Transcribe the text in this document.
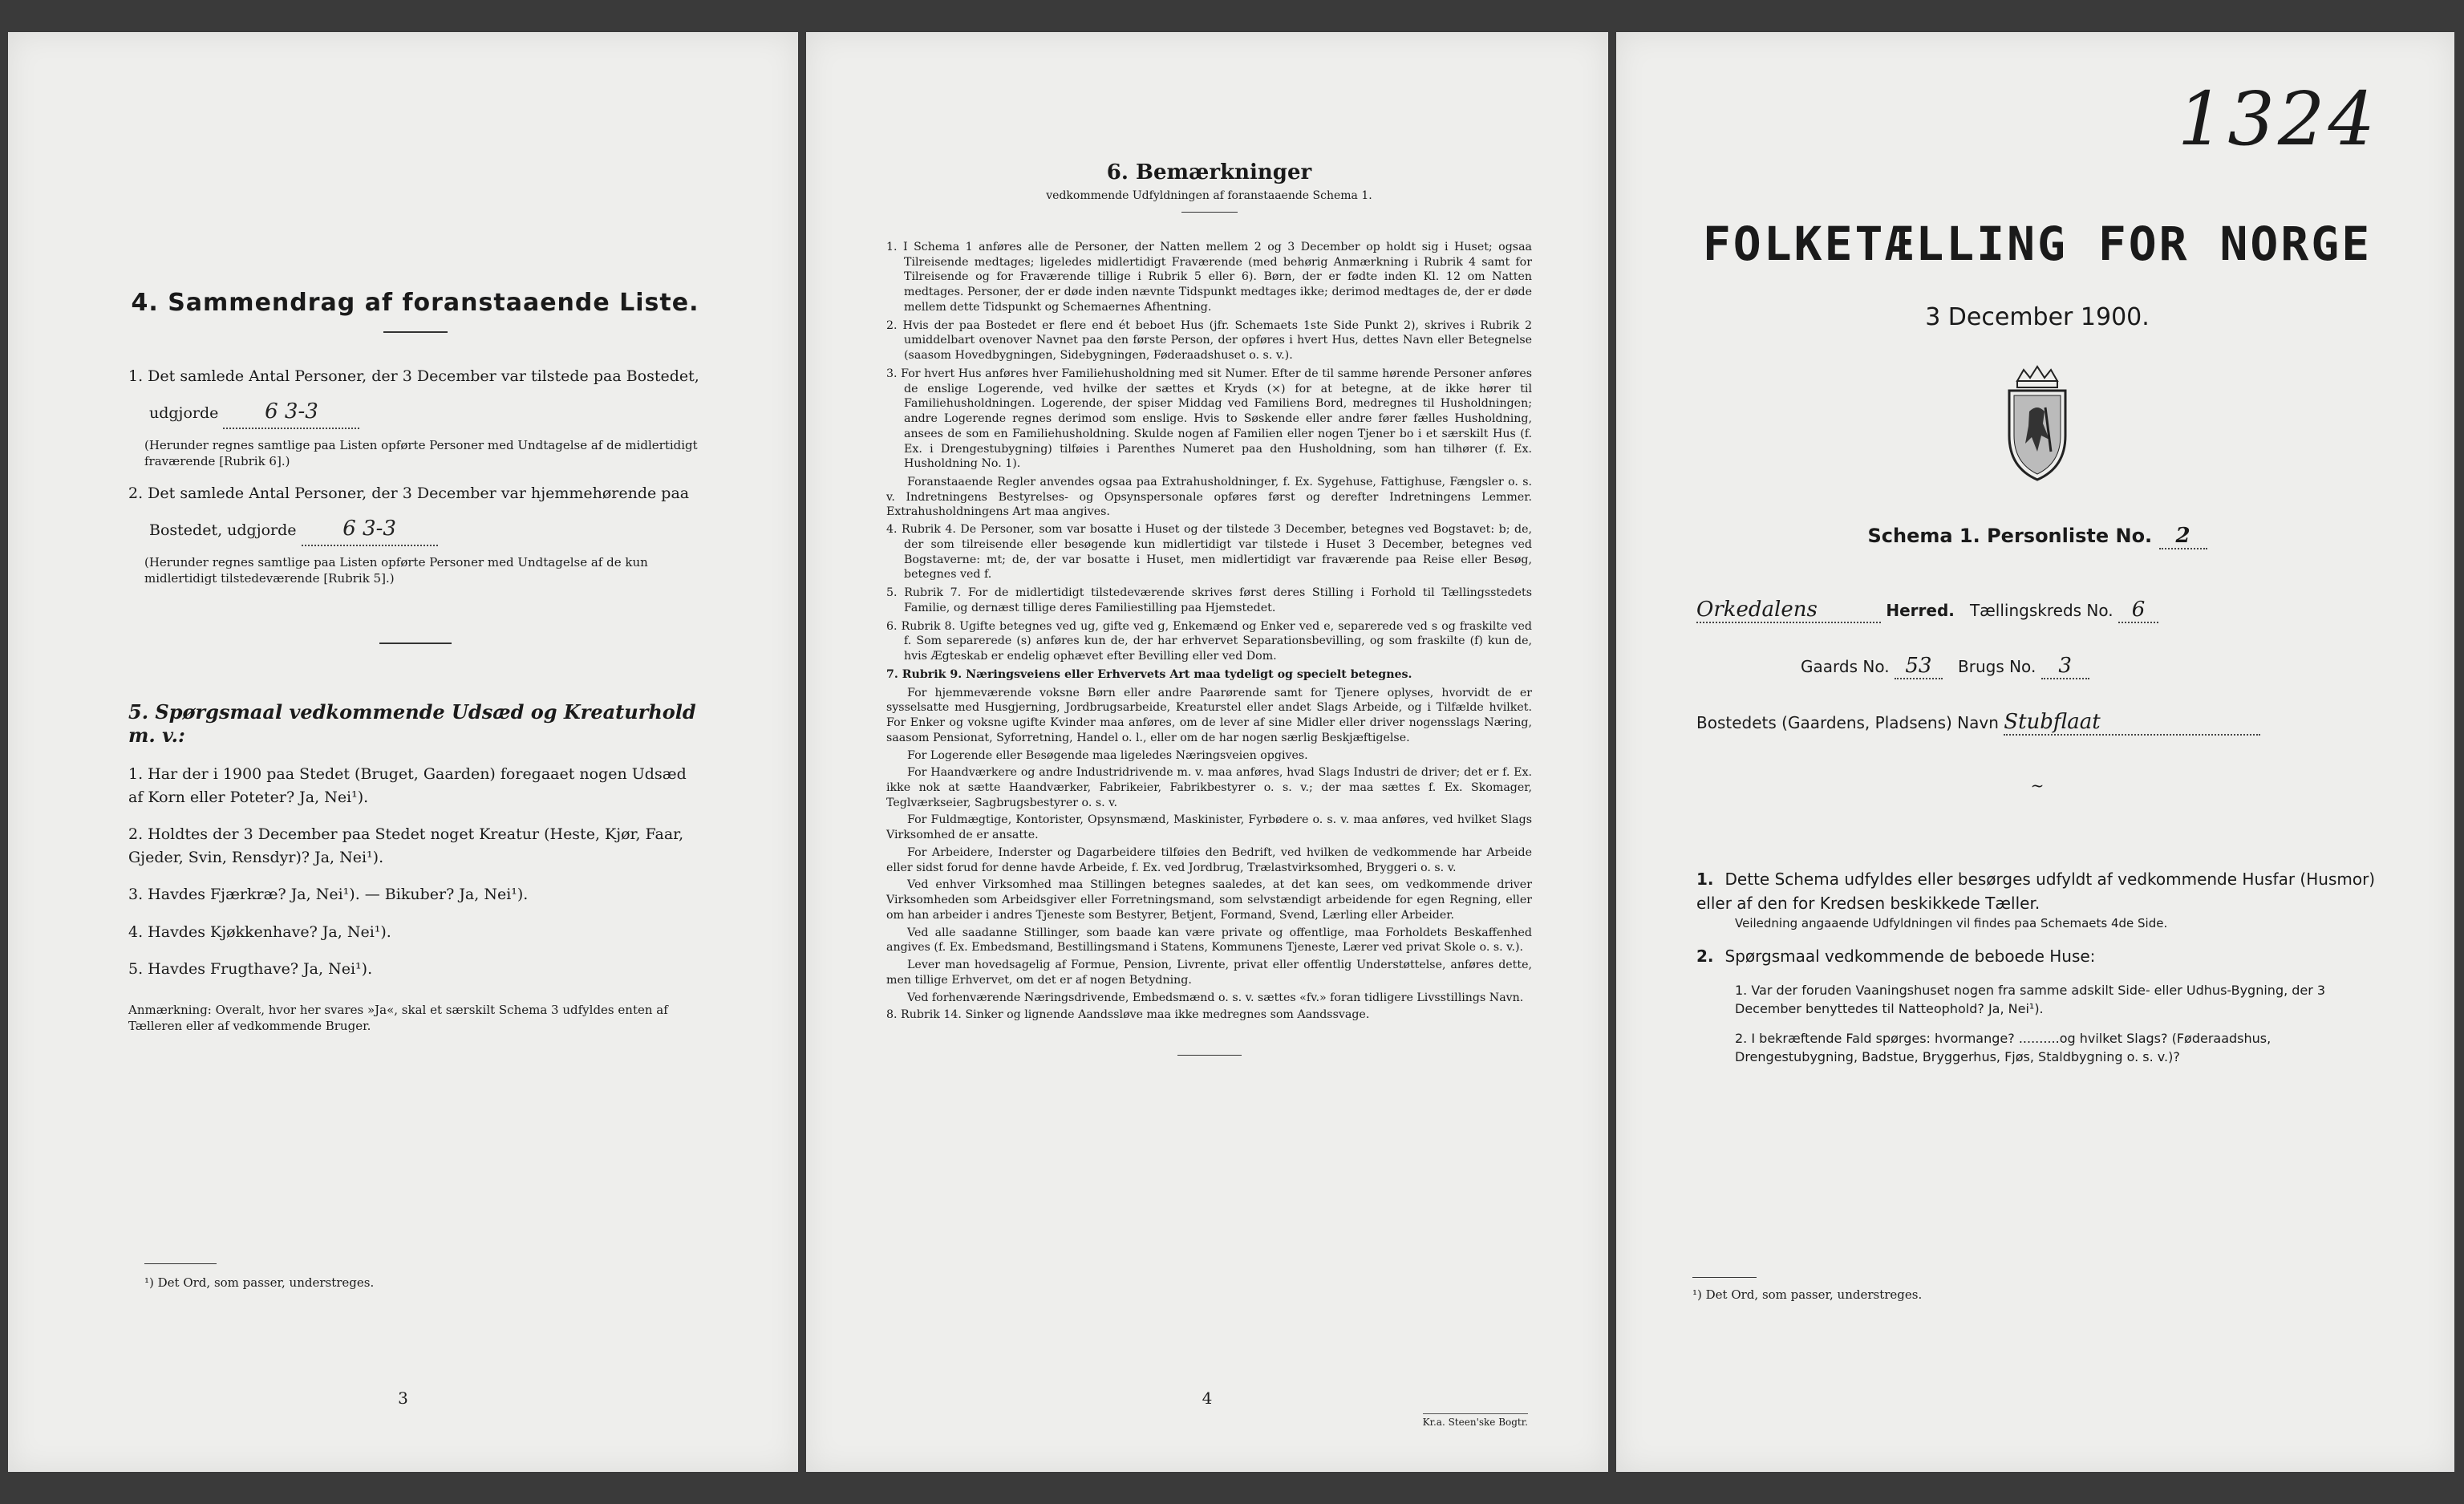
4. Sammendrag af foranstaaende Liste.
1. Det samlede Antal Personer, der 3 December var tilstede paa Bostedet,
udgjorde 6 3-3
(Herunder regnes samtlige paa Listen opførte Personer med Undtagelse af de midlertidigt fraværende [Rubrik 6].)
2. Det samlede Antal Personer, der 3 December var hjemmehørende paa
Bostedet, udgjorde 6 3-3
(Herunder regnes samtlige paa Listen opførte Personer med Undtagelse af de kun midlertidigt tilstedeværende [Rubrik 5].)
5. Spørgsmaal vedkommende Udsæd og Kreaturhold m. v.:
1. Har der i 1900 paa Stedet (Bruget, Gaarden) foregaaet nogen Udsæd af Korn eller Poteter? Ja, Nei¹).
2. Holdtes der 3 December paa Stedet noget Kreatur (Heste, Kjør, Faar, Gjeder, Svin, Rensdyr)? Ja, Nei¹).
3. Havdes Fjærkræ? Ja, Nei¹). — Bikuber? Ja, Nei¹).
4. Havdes Kjøkkenhave? Ja, Nei¹).
5. Havdes Frugthave? Ja, Nei¹).
Anmærkning: Overalt, hvor her svares »Ja«, skal et særskilt Schema 3 udfyldes enten af Tælleren eller af vedkommende Bruger.
¹) Det Ord, som passer, understreges.
3
6. Bemærkninger
vedkommende Udfyldningen af foranstaaende Schema 1.

1. I Schema 1 anføres alle de Personer, der Natten mellem 2 og 3 December op holdt sig i Huset; ogsaa Tilreisende medtages; ligeledes midlertidigt Fraværende (med behørig Anmærkning i Rubrik 4 samt for Tilreisende og for Fraværende tillige i Rubrik 5 eller 6). Børn, der er fødte inden Kl. 12 om Natten medtages. Personer, der er døde inden nævnte Tidspunkt medtages ikke; derimod medtages de, der er døde mellem dette Tidspunkt og Schemaernes Afhentning.

2. Hvis der paa Bostedet er flere end ét beboet Hus (jfr. Schemaets 1ste Side Punkt 2), skrives i Rubrik 2 umiddelbart ovenover Navnet paa den første Person, der opføres i hvert Hus, dettes Navn eller Betegnelse (saasom Hovedbygningen, Sidebygningen, Føderaadshuset o. s. v.).

3. For hvert Hus anføres hver Familiehusholdning med sit Numer. Efter de til samme hørende Personer anføres de enslige Logerende, ved hvilke der sættes et Kryds (×) for at betegne, at de ikke hører til Familiehusholdningen. Logerende, der spiser Middag ved Familiens Bord, medregnes til Husholdningen; andre Logerende regnes derimod som enslige. Hvis to Søskende eller andre fører fælles Husholdning, ansees de som en Familiehusholdning. Skulde nogen af Familien eller nogen Tjener bo i et særskilt Hus (f. Ex. i Drengestubygning) tilføies i Parenthes Numeret paa den Husholdning, som han tilhører (f. Ex. Husholdning No. 1).

Foranstaaende Regler anvendes ogsaa paa Extrahusholdninger, f. Ex. Sygehuse, Fattighuse, Fængsler o. s. v. Indretningens Bestyrelses- og Opsynspersonale opføres først og derefter Indretningens Lemmer. Extrahusholdningens Art maa angives.

4. Rubrik 4. De Personer, som var bosatte i Huset og der tilstede 3 December, betegnes ved Bogstavet: b; de, der som tilreisende eller besøgende kun midlertidigt var tilstede i Huset 3 December, betegnes ved Bogstaverne: mt; de, der var bosatte i Huset, men midlertidigt var fraværende paa Reise eller Besøg, betegnes ved f.

5. Rubrik 7. For de midlertidigt tilstedeværende skrives først deres Stilling i Forhold til Tællingsstedets Familie, og dernæst tillige deres Familiestilling paa Hjemstedet.

6. Rubrik 8. Ugifte betegnes ved ug, gifte ved g, Enkemænd og Enker ved e, separerede ved s og fraskilte ved f. Som separerede (s) anføres kun de, der har erhvervet Separationsbevilling, og som fraskilte (f) kun de, hvis Ægteskab er endelig ophævet efter Bevilling eller ved Dom.

7. Rubrik 9. Næringsveiens eller Erhvervets Art maa tydeligt og specielt betegnes.

For hjemmeværende voksne Børn eller andre Paarørende samt for Tjenere oplyses, hvorvidt de er sysselsatte med Husgjerning, Jordbrugsarbeide, Kreaturstel eller andet Slags Arbeide, og i Tilfælde hvilket. For Enker og voksne ugifte Kvinder maa anføres, om de lever af sine Midler eller driver nogensslags Næring, saasom Pensionat, Syforretning, Handel o. l., eller om de har nogen særlig Beskjæftigelse.

For Logerende eller Besøgende maa ligeledes Næringsveien opgives.

For Haandværkere og andre Industridrivende m. v. maa anføres, hvad Slags Industri de driver; det er f. Ex. ikke nok at sætte Haandværker, Fabrikeier, Fabrikbestyrer o. s. v.; der maa sættes f. Ex. Skomager, Teglværkseier, Sagbrugsbestyrer o. s. v.

For Fuldmægtige, Kontorister, Opsynsmænd, Maskinister, Fyrbødere o. s. v. maa anføres, ved hvilket Slags Virksomhed de er ansatte.

For Arbeidere, Inderster og Dagarbeidere tilføies den Bedrift, ved hvilken de vedkommende har Arbeide eller sidst forud for denne havde Arbeide, f. Ex. ved Jordbrug, Trælastvirksomhed, Bryggeri o. s. v.

Ved enhver Virksomhed maa Stillingen betegnes saaledes, at det kan sees, om vedkommende driver Virksomheden som Arbeidsgiver eller Forretningsmand, som selvstændigt arbeidende for egen Regning, eller om han arbeider i andres Tjeneste som Bestyrer, Betjent, Formand, Svend, Lærling eller Arbeider.

Ved alle saadanne Stillinger, som baade kan være private og offentlige, maa Forholdets Beskaffenhed angives (f. Ex. Embedsmand, Bestillingsmand i Statens, Kommunens Tjeneste, Lærer ved privat Skole o. s. v.).

Lever man hovedsagelig af Formue, Pension, Livrente, privat eller offentlig Understøttelse, anføres dette, men tillige Erhvervet, om det er af nogen Betydning.

Ved forhenværende Næringsdrivende, Embedsmænd o. s. v. sættes «fv.» foran tidligere Livsstillings Navn.

8. Rubrik 14. Sinker og lignende Aandssløve maa ikke medregnes som Aandssvage.

4
Kr.a. Steen'ske Bogtr.
1324
FOLKETÆLLING FOR NORGE
3 December 1900.
Schema 1. Personliste No. 2
Orkedalens	Herred. Tællingskreds No. 6
Gaards No. 53 Brugs No. 3
Bostedets (Gaardens, Pladsens) Navn Stubflaat
~
1. Dette Schema udfyldes eller besørges udfyldt af vedkommende Husfar (Husmor) eller af den for Kredsen beskikkede Tæller.
Veiledning angaaende Udfyldningen vil findes paa Schemaets 4de Side.
2. Spørgsmaal vedkommende de beboede Huse:
1. Var der foruden Vaaningshuset nogen fra samme adskilt Side- eller Udhus-Bygning, der 3 December benyttedes til Natteophold? Ja, Nei¹).
2. I bekræftende Fald spørges: hvormange? ..........og hvilket Slags? (Føderaadshus, Drengestubygning, Badstue, Bryggerhus, Fjøs, Staldbygning o. s. v.)?
¹) Det Ord, som passer, understreges.
